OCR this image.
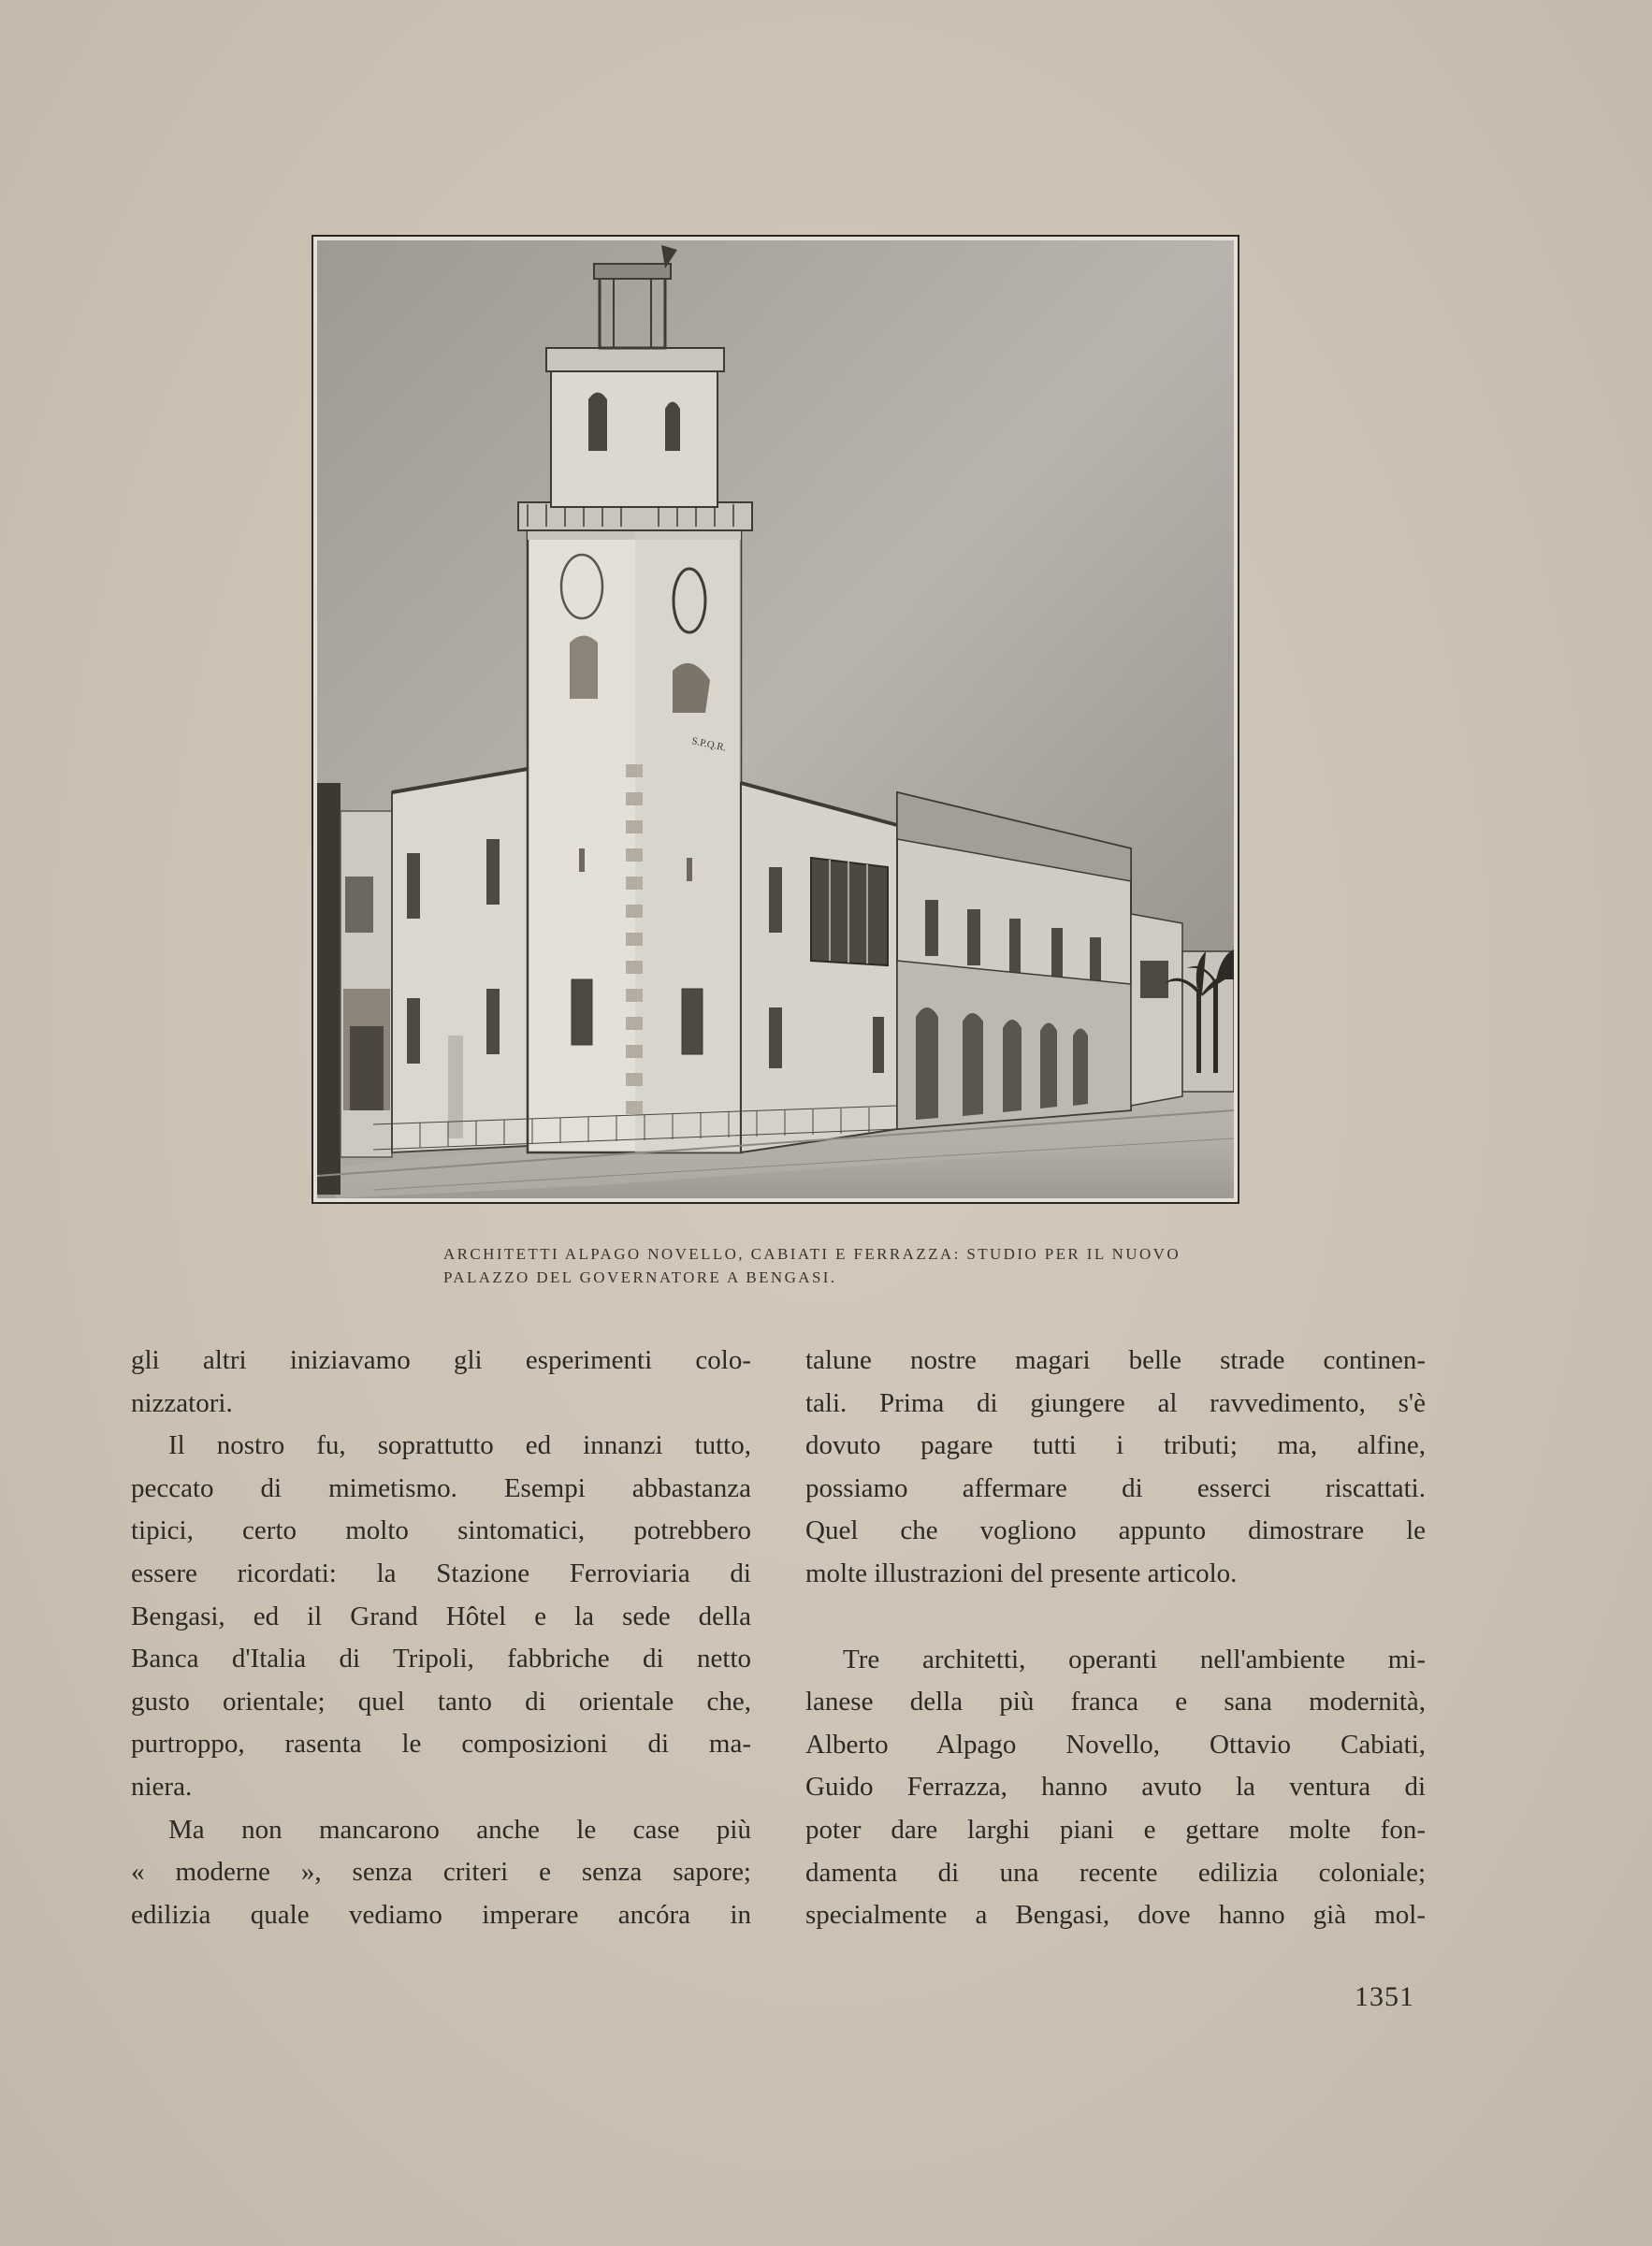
S.P.Q.R.
ARCHITETTI ALPAGO NOVELLO, CABIATI E FERRAZZA: STUDIO PER IL NUOVO
PALAZZO DEL GOVERNATORE A BENGASI.
gli altri iniziavamo gli esperimenti colo-
nizzatori.
Il nostro fu, soprattutto ed innanzi tutto,
peccato di mimetismo. Esempi abbastanza
tipici, certo molto sintomatici, potrebbero
essere ricordati: la Stazione Ferroviaria di
Bengasi, ed il Grand Hôtel e la sede della
Banca d'Italia di Tripoli, fabbriche di netto
gusto orientale; quel tanto di orientale che,
purtroppo, rasenta le composizioni di ma-
niera.
Ma non mancarono anche le case più
« moderne », senza criteri e senza sapore;
edilizia quale vediamo imperare ancóra in
talune nostre magari belle strade continen-
tali. Prima di giungere al ravvedimento, s'è
dovuto pagare tutti i tributi; ma, alfine,
possiamo affermare di esserci riscattati.
Quel che vogliono appunto dimostrare le
molte illustrazioni del presente articolo.
Tre architetti, operanti nell'ambiente mi-
lanese della più franca e sana modernità,
Alberto Alpago Novello, Ottavio Cabiati,
Guido Ferrazza, hanno avuto la ventura di
poter dare larghi piani e gettare molte fon-
damenta di una recente edilizia coloniale;
specialmente a Bengasi, dove hanno già mol-
1351
